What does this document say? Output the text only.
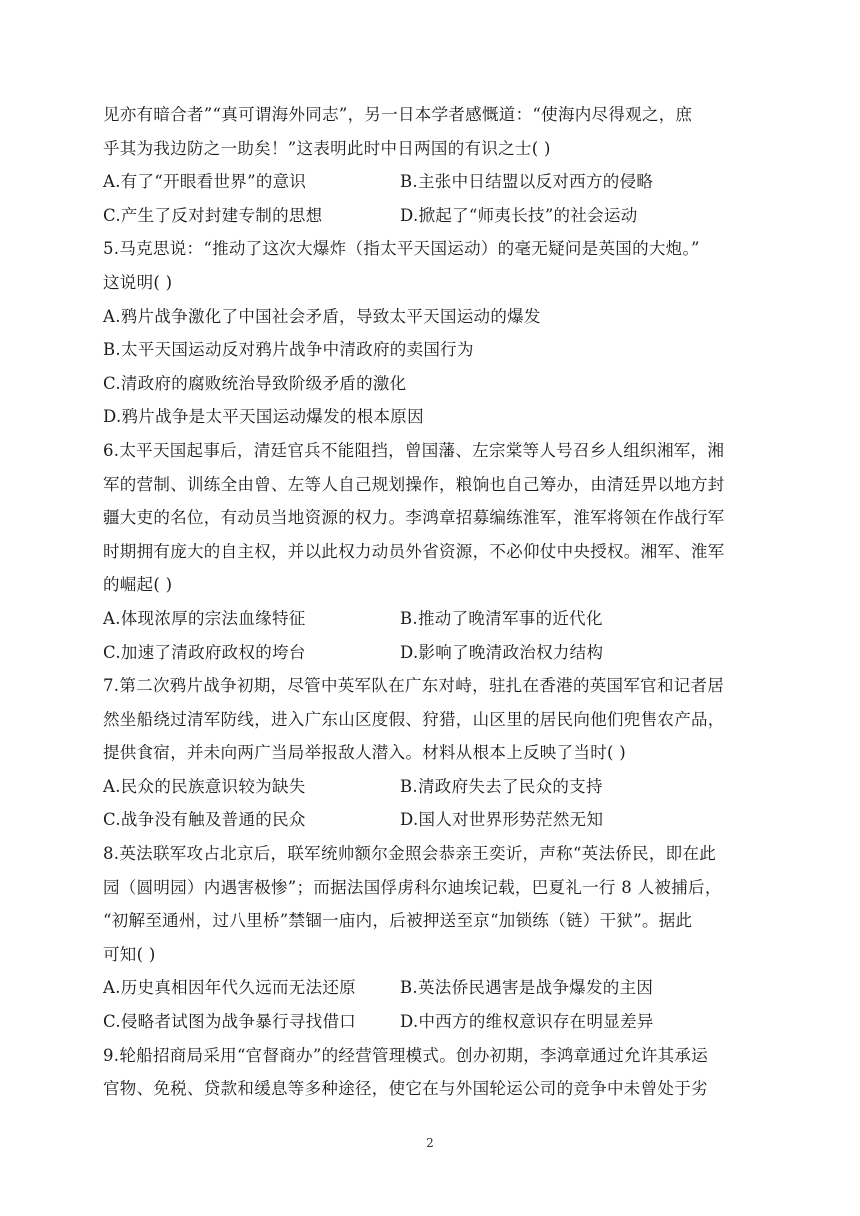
见亦有暗合者”“真可谓海外同志”，另一日本学者感慨道：“使海内尽得观之，庶
乎其为我边防之一助矣！”这表明此时中日两国的有识之士( )
A.有了“开眼看世界”的意识	B.主张中日结盟以反对西方的侵略
C.产生了反对封建专制的思想	D.掀起了“师夷长技”的社会运动
5.马克思说：“推动了这次大爆炸（指太平天国运动）的毫无疑问是英国的大炮。”
这说明( )
A.鸦片战争激化了中国社会矛盾，导致太平天国运动的爆发
B.太平天国运动反对鸦片战争中清政府的卖国行为
C.清政府的腐败统治导致阶级矛盾的激化
D.鸦片战争是太平天国运动爆发的根本原因
6.太平天国起事后，清廷官兵不能阻挡，曾国藩、左宗棠等人号召乡人组织湘军，湘
军的营制、训练全由曾、左等人自己规划操作，粮饷也自己筹办，由清廷畀以地方封
疆大吏的名位，有动员当地资源的权力。李鸿章招募编练淮军，淮军将领在作战行军
时期拥有庞大的自主权，并以此权力动员外省资源，不必仰仗中央授权。湘军、淮军
的崛起( )
A.体现浓厚的宗法血缘特征	B.推动了晚清军事的近代化
C.加速了清政府政权的垮台	D.影响了晚清政治权力结构
7.第二次鸦片战争初期，尽管中英军队在广东对峙，驻扎在香港的英国军官和记者居
然坐船绕过清军防线，进入广东山区度假、狩猎，山区里的居民向他们兜售农产品，
提供食宿，并未向两广当局举报敌人潜入。材料从根本上反映了当时( )
A.民众的民族意识较为缺失	B.清政府失去了民众的支持
C.战争没有触及普通的民众	D.国人对世界形势茫然无知
8.英法联军攻占北京后，联军统帅额尔金照会恭亲王奕䜣，声称“英法侨民，即在此
园（圆明园）内遇害极惨”；而据法国俘虏科尔迪埃记载，巴夏礼一行 8 人被捕后，
“初解至通州，过八里桥”禁锢一庙内，后被押送至京“加锁练（链）干狱”。据此
可知( )
A.历史真相因年代久远而无法还原	B.英法侨民遇害是战争爆发的主因
C.侵略者试图为战争暴行寻找借口	D.中西方的维权意识存在明显差异
9.轮船招商局采用“官督商办”的经营管理模式。创办初期，李鸿章通过允许其承运
官物、免税、贷款和缓息等多种途径，使它在与外国轮运公司的竞争中未曾处于劣
2
